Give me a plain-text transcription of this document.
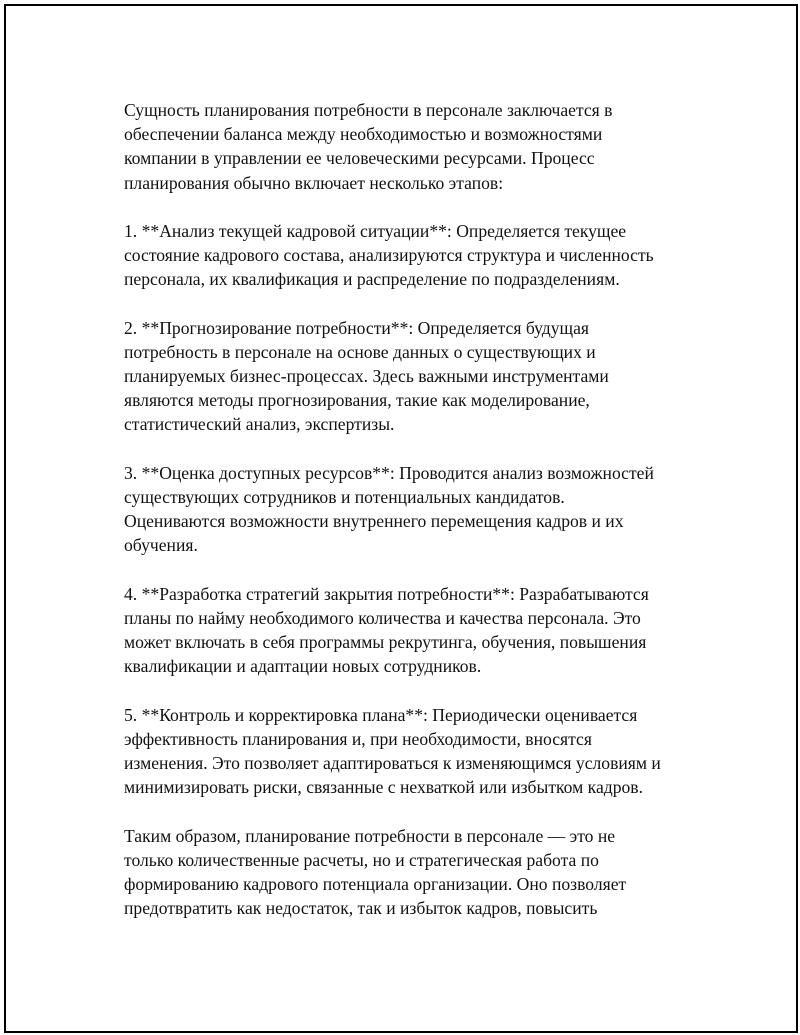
Сущность планирования потребности в персонале заключается в
обеспечении баланса между необходимостью и возможностями
компании в управлении ее человеческими ресурсами. Процесс
планирования обычно включает несколько этапов:

1. **Анализ текущей кадровой ситуации**: Определяется текущее
состояние кадрового состава, анализируются структура и численность
персонала, их квалификация и распределение по подразделениям.

2. **Прогнозирование потребности**: Определяется будущая
потребность в персонале на основе данных о существующих и
планируемых бизнес-процессах. Здесь важными инструментами
являются методы прогнозирования, такие как моделирование,
статистический анализ, экспертизы.

3. **Оценка доступных ресурсов**: Проводится анализ возможностей
существующих сотрудников и потенциальных кандидатов.
Оцениваются возможности внутреннего перемещения кадров и их
обучения.

4. **Разработка стратегий закрытия потребности**: Разрабатываются
планы по найму необходимого количества и качества персонала. Это
может включать в себя программы рекрутинга, обучения, повышения
квалификации и адаптации новых сотрудников.

5. **Контроль и корректировка плана**: Периодически оценивается
эффективность планирования и, при необходимости, вносятся
изменения. Это позволяет адаптироваться к изменяющимся условиям и
минимизировать риски, связанные с нехваткой или избытком кадров.

Таким образом, планирование потребности в персонале — это не
только количественные расчеты, но и стратегическая работа по
формированию кадрового потенциала организации. Оно позволяет
предотвратить как недостаток, так и избыток кадров, повысить
